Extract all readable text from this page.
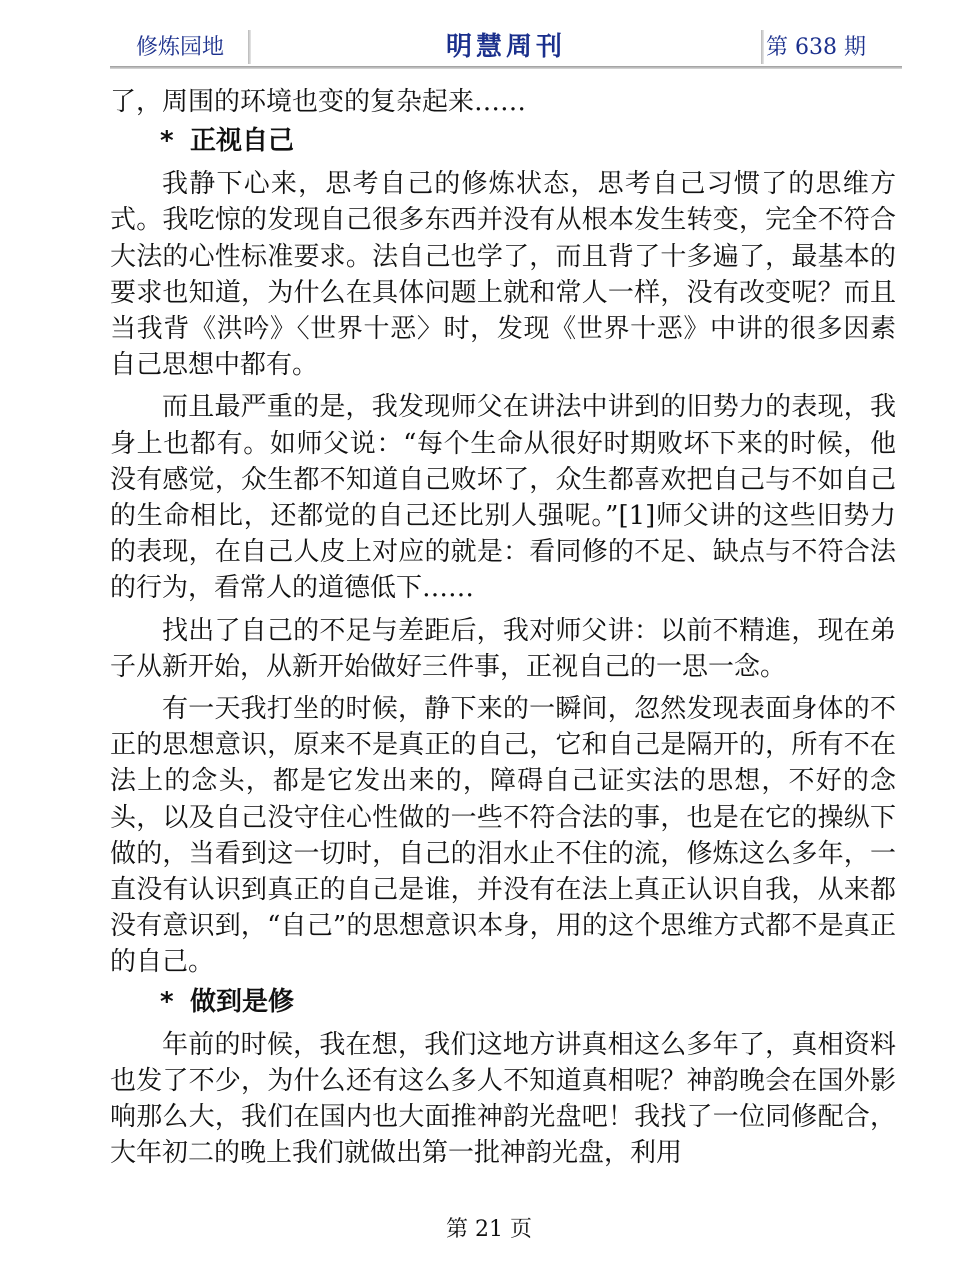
修炼园地	明慧周刊	第 638 期

了，周围的环境也变的复杂起来……

* 正视自己

我静下心来，思考自己的修炼状态，思考自己习惯了的思维方式。我吃惊的发现自己很多东西并没有从根本发生转变，完全不符合大法的心性标准要求。法自己也学了，而且背了十多遍了，最基本的要求也知道，为什么在具体问题上就和常人一样，没有改变呢？而且当我背《洪吟》〈世界十恶〉时，发现《世界十恶》中讲的很多因素自己思想中都有。

而且最严重的是，我发现师父在讲法中讲到的旧势力的表现，我身上也都有。如师父说：“每个生命从很好时期败坏下来的时候，他没有感觉，众生都不知道自己败坏了，众生都喜欢把自己与不如自己的生命相比，还都觉的自己还比别人强呢。”[1]师父讲的这些旧势力的表现，在自己人皮上对应的就是：看同修的不足、缺点与不符合法的行为，看常人的道德低下……

找出了自己的不足与差距后，我对师父讲：以前不精進，现在弟子从新开始，从新开始做好三件事，正视自己的一思一念。

有一天我打坐的时候，静下来的一瞬间，忽然发现表面身体的不正的思想意识，原来不是真正的自己，它和自己是隔开的，所有不在法上的念头，都是它发出来的，障碍自己证实法的思想，不好的念头，以及自己没守住心性做的一些不符合法的事，也是在它的操纵下做的，当看到这一切时，自己的泪水止不住的流，修炼这么多年，一直没有认识到真正的自己是谁，并没有在法上真正认识自我，从来都没有意识到，“自己”的思想意识本身，用的这个思维方式都不是真正的自己。

* 做到是修

年前的时候，我在想，我们这地方讲真相这么多年了，真相资料也发了不少，为什么还有这么多人不知道真相呢？神韵晚会在国外影响那么大，我们在国内也大面推神韵光盘吧！我找了一位同修配合，大年初二的晚上我们就做出第一批神韵光盘，利用

第 21 页
